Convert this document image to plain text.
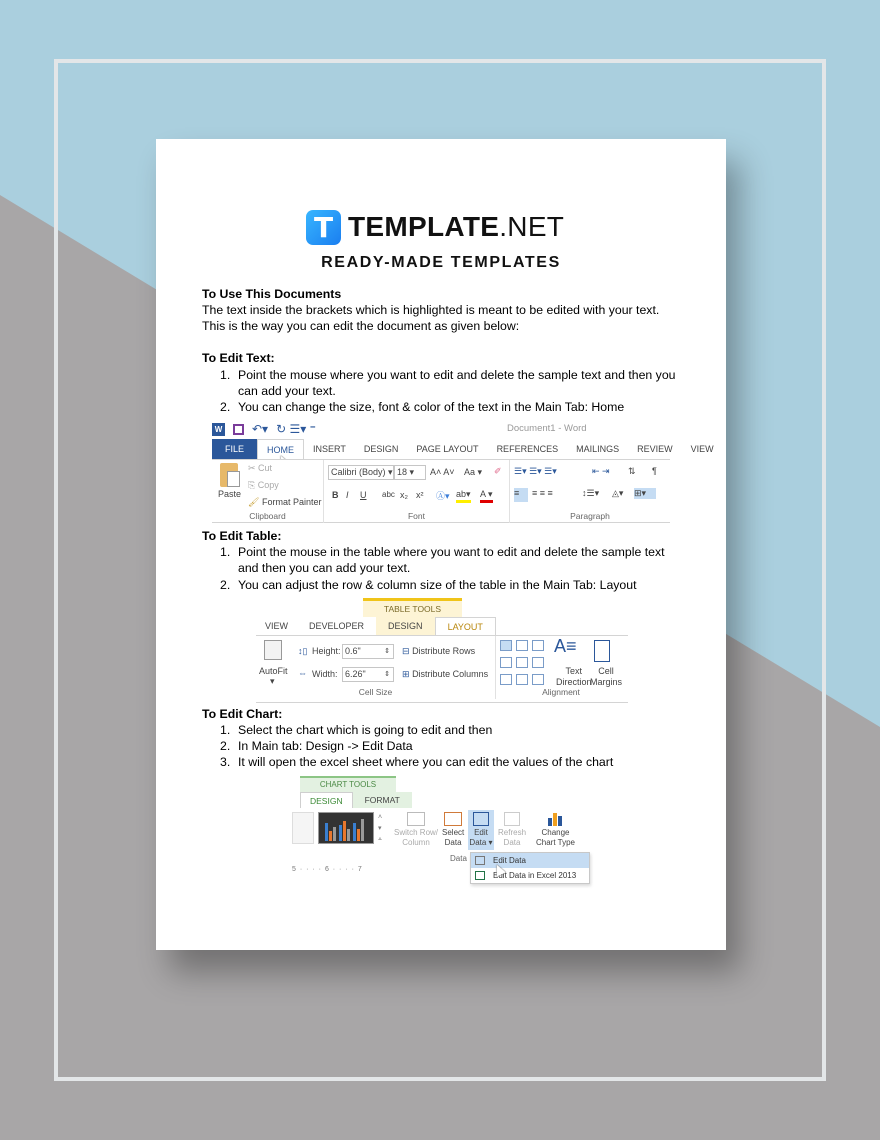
T TEMPLATE.NET
READY-MADE TEMPLATES
To Use This Documents
The text inside the brackets which is highlighted is meant to be edited with your text.
This is the way you can edit the document as given below:
To Edit Text:
1. Point the mouse where you want to edit and delete the sample text and then you
can add your text.
2. You can change the size, font & color of the text in the Main Tab: Home
W ↶▾ ↻ ☰▾ ⁼	Document1 - Word
FILE	HOME	INSERT	DESIGN	PAGE LAYOUT	REFERENCES	MAILINGS	REVIEW	VIEW
Paste
✂ Cut
⎘ Copy
🖌 Format Painter
Clipboard
Calibri (Body) ▾ 18 ▾	A˄ A˅ Aa ▾ ✐
B I U abc x₂ x² Ⓐ▾ ab▾ A ▾
Font
☰▾ ☰▾ ☰▾	⇤ ⇥ ⇅ ¶
≡	≡ ≡ ≡	↕☰▾ ◬▾ ⊞▾
Paragraph
To Edit Table:
1. Point the mouse in the table where you want to edit and delete the sample text
and then you can add your text.
2. You can adjust the row & column size of the table in the Main Tab: Layout
TABLE TOOLS
VIEW	DEVELOPER	DESIGN	LAYOUT
AutoFit
▾
↕▯ Height: 0.6"	⇕
⇔ Width: 6.26"	⇕
⊟ Distribute Rows
⊞ Distribute Columns
Cell Size
A≡
Text
Direction
Cell
Margins
Alignment
To Edit Chart:
1. Select the chart which is going to edit and then
2. In Main tab: Design -> Edit Data
3. It will open the excel sheet where you can edit the values of the chart
CHART TOOLS
DESIGN	FORMAT
˄
▾
⩡
Switch Row/
Column
Select
Data
Edit
Data ▾
Refresh
Data
Change
Chart Type
Data
5 · · · · 6 · · · · 7
Edit Data
Edit Data in Excel 2013
